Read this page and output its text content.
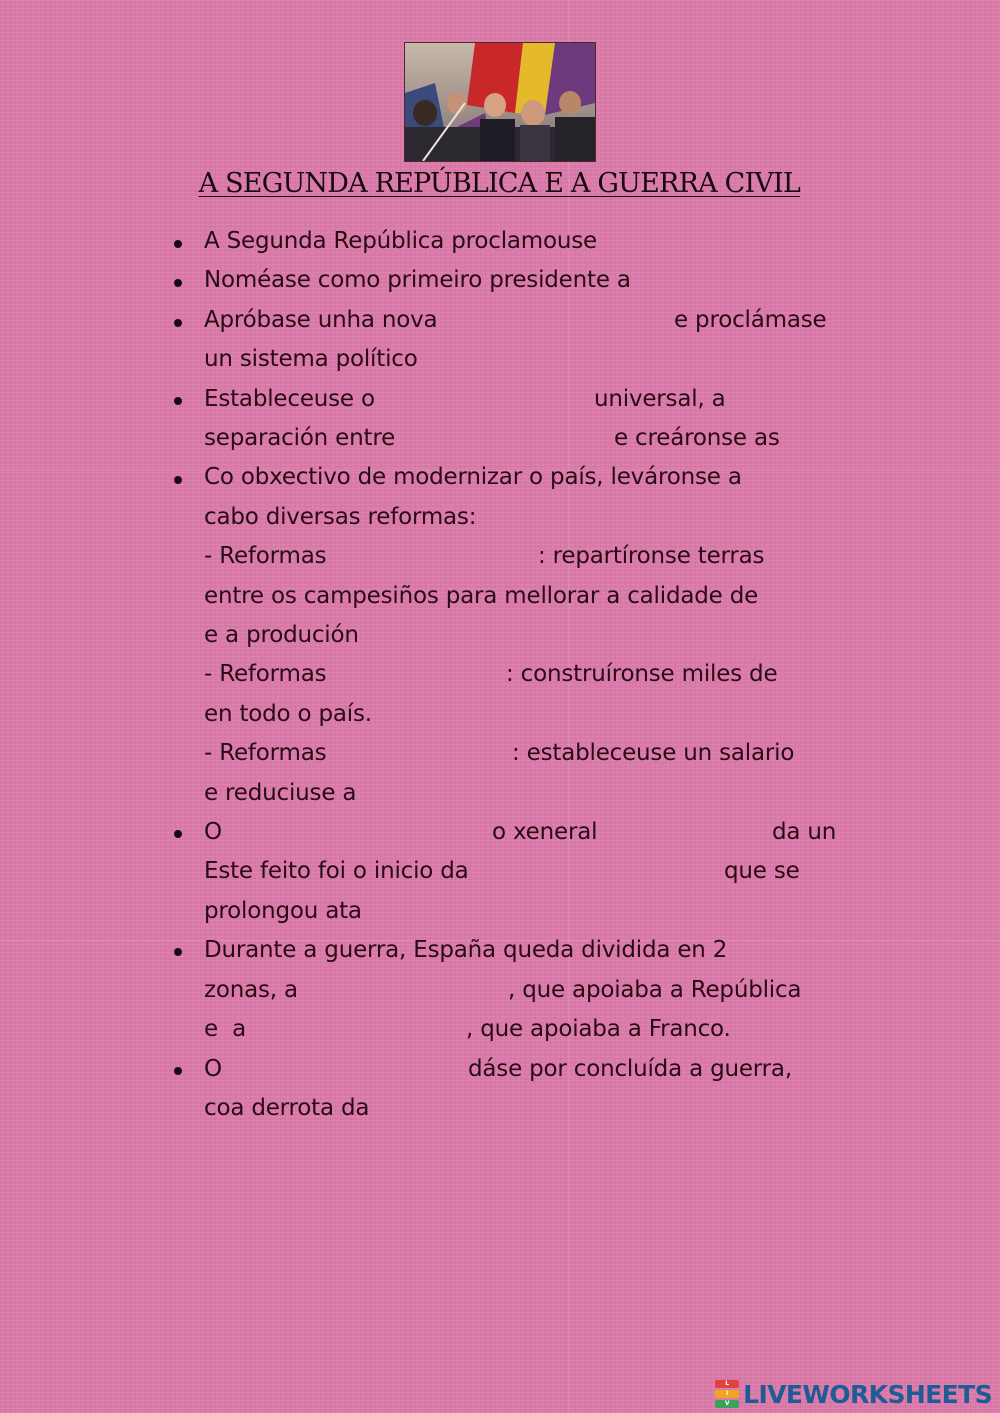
A SEGUNDA REPÚBLICA E A GUERRA CIVIL
A Segunda República proclamouse
Noméase como primeiro presidente a
Apróbase unha nova	e proclámase
un sistema político
Estableceuse o	universal, a
separación entre	e creáronse as
Co obxectivo de modernizar o país, leváronse a
cabo diversas reformas:
- Reformas	: repartíronse terras
entre os campesiños para mellorar a calidade de
e a produción
- Reformas	: construíronse miles de
en todo o país.
- Reformas	: estableceuse un salario
e reduciuse a
O	o xeneral	da un
Este feito foi o inicio da	que se
prolongou ata
Durante a guerra, España queda dividida en 2
zonas, a	, que apoiaba a República
e  a	, que apoiaba a Franco.
O	dáse por concluída a guerra,
coa derrota da
L
I
V LIVEWORKSHEETS
